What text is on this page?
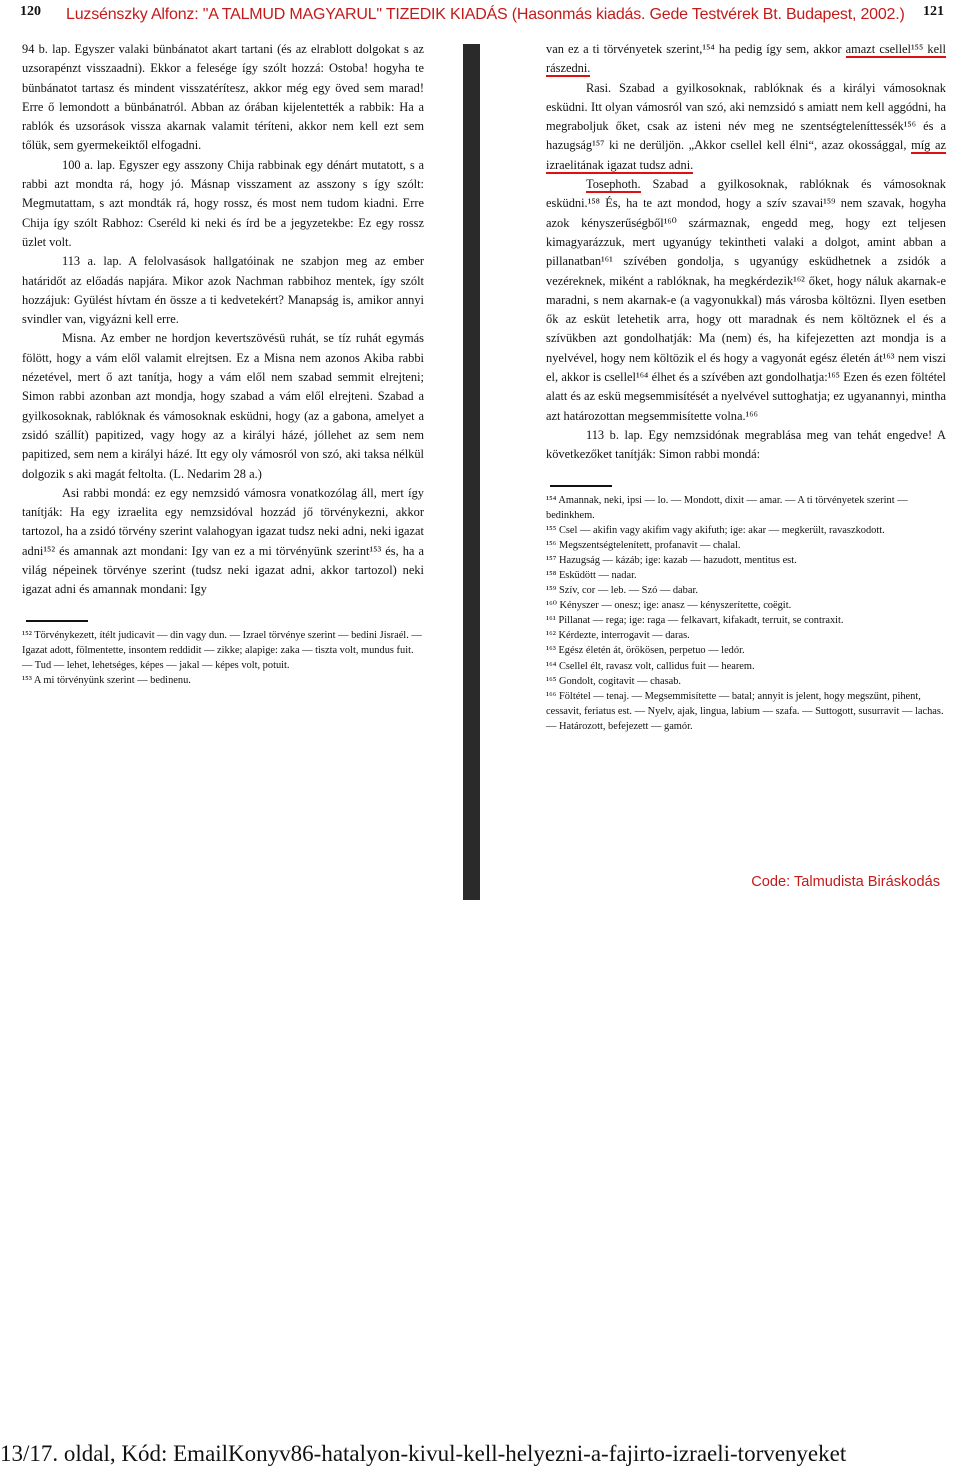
120 Luzsénszky Alfonz: "A TALMUD MAGYARUL" TIZEDIK KIADÁS (Hasonmás kiadás. Gede Testvérek Bt. Budapest, 2002.) 121

94 b. lap. Egyszer valaki bünbánatot akart tartani (és az elrablott dolgokat s az uzsorapénzt visszaadni). Ekkor a felesége így szólt hozzá: Ostoba! hogyha te bünbánatot tartasz és mindent visszatérítesz, akkor még egy öved sem marad! Erre ő lemondott a bünbánatról. Abban az órában kijelentették a rabbik: Ha a rablók és uzsorások vissza akarnak valamit téríteni, akkor nem kell ezt sem tőlük, sem gyermekeiktől elfogadni.

100 a. lap. Egyszer egy asszony Chija rabbinak egy dénárt mutatott, s a rabbi azt mondta rá, hogy jó. Másnap visszament az asszony s így szólt: Megmutattam, s azt mondták rá, hogy rossz, és most nem tudom kiadni. Erre Chija így szólt Rabhoz: Cseréld ki neki és írd be a jegyzetekbe: Ez egy rossz üzlet volt.

113 a. lap. A felolvasások hallgatóinak ne szabjon meg az ember határidőt az előadás napjára. Mikor azok Nachman rabbihoz mentek, így szólt hozzájuk: Gyülést hívtam én össze a ti kedvetekért? Manapság is, amikor annyi svindler van, vigyázni kell erre.

Misna. Az ember ne hordjon kevertszövésü ruhát, se tíz ruhát egymás fölött, hogy a vám elől valamit elrejtsen. Ez a Misna nem azonos Akiba rabbi nézetével, mert ő azt tanítja, hogy a vám elől nem szabad semmit elrejteni; Simon rabbi azonban azt mondja, hogy szabad a vám elől elrejteni. Szabad a gyilkosoknak, rablóknak és vámosoknak esküdni, hogy (az a gabona, amelyet a zsidó szállít) papitized, vagy hogy az a királyi házé, jóllehet az sem nem papitized, sem nem a királyi házé. Itt egy oly vámosról von szó, aki taksa nélkül dolgozik s aki magát feltolta. (L. Nedarim 28 a.)

Asi rabbi mondá: ez egy nemzsidó vámosra vonatkozólag áll, mert így tanítják: Ha egy izraelita egy nemzsidóval hozzád jő törvénykezni, akkor tartozol, ha a zsidó törvény szerint valahogyan igazat tudsz neki adni, neki igazat adni¹⁵² és amannak azt mondani: Igy van ez a mi törvényünk szerint¹⁵³ és, ha a világ népeinek törvénye szerint (tudsz neki igazat adni, akkor tartozol) neki igazat adni és amannak mondani: Igy

¹⁵² Törvénykezett, ítélt judicavit — din vagy dun. — Izrael törvénye szerint — bedini Jisraél. — Igazat adott, fölmentette, insontem reddidit — zikke; alapige: zaka — tiszta volt, mundus fuit. — Tud — lehet, lehetséges, képes — jakal — képes volt, potuit.

¹⁵³ A mi törvényünk szerint — bedinenu.

van ez a ti törvényetek szerint,¹⁵⁴ ha pedig így sem, akkor amazt csellel¹⁵⁵ kell rászedni.

Rasi. Szabad a gyilkosoknak, rablóknak és a királyi vámosoknak esküdni. Itt olyan vámosról van szó, aki nemzsidó s amiatt nem kell aggódni, ha megraboljuk őket, csak az isteni név meg ne szentségteleníttessék¹⁵⁶ és a hazugság¹⁵⁷ ki ne derüljön. „Akkor csellel kell élni“, azaz okossággal, míg az izraelitának igazat tudsz adni.

Tosephoth. Szabad a gyilkosoknak, rablóknak és vámosoknak esküdni.¹⁵⁸ És, ha te azt mondod, hogy a szív szavai¹⁵⁹ nem szavak, hogyha azok kényszerűségből¹⁶⁰ származnak, engedd meg, hogy ezt teljesen kimagyarázzuk, mert ugyanúgy tekintheti valaki a dolgot, amint abban a pillanatban¹⁶¹ szívében gondolja, s ugyanúgy esküdhetnek a zsidók a vezéreknek, miként a rablóknak, ha megkérdezik¹⁶² őket, hogy náluk akarnak-e maradni, s nem akarnak-e (a vagyonukkal) más városba költözni. Ilyen esetben ők az esküt letehetik arra, hogy ott maradnak és nem költöznek el és a szívükben azt gondolhatják: Ma (nem) és, ha kifejezetten azt mondja is a nyelvével, hogy nem költözik el és hogy a vagyonát egész életén át¹⁶³ nem viszi el, akkor is csellel¹⁶⁴ élhet és a szívében azt gondolhatja:¹⁶⁵ Ezen és ezen föltétel alatt és az eskü megsemmisítését a nyelvével suttoghatja; ez ugyanannyi, mintha azt határozottan megsemmisítette volna.¹⁶⁶

113 b. lap. Egy nemzsidónak megrablása meg van tehát engedve! A következőket tanítják: Simon rabbi mondá:

¹⁵⁴ Amannak, neki, ipsi — lo. — Mondott, dixit — amar. — A ti törvényetek szerint — bedinkhem.

¹⁵⁵ Csel — akifin vagy akifim vagy akifuth; ige: akar — megkerült, ravaszkodott.

¹⁵⁶ Megszentségtelenített, profanavit — chalal.

¹⁵⁷ Hazugság — kázáb; ige: kazab — hazudott, mentitus est.

¹⁵⁸ Esküdött — nadar.

¹⁵⁹ Szív, cor — leb. — Szó — dabar.

¹⁶⁰ Kényszer — onesz; ige: anasz — kényszerítette, coëgit.

¹⁶¹ Pillanat — rega; ige: raga — felkavart, kifakadt, terruit, se contraxit.

¹⁶² Kérdezte, interrogavit — daras.

¹⁶³ Egész életén át, örökösen, perpetuo — ledór.

¹⁶⁴ Csellel élt, ravasz volt, callidus fuit — hearem.

¹⁶⁵ Gondolt, cogitavit — chasab.

¹⁶⁶ Föltétel — tenaj. — Megsemmisítette — batal; annyit is jelent, hogy megszűnt, pihent, cessavit, feriatus est. — Nyelv, ajak, lingua, labium — szafa. — Suttogott, susurravit — lachas. — Határozott, befejezett — gamór.

Code: Talmudista Biráskodás
13/17. oldal, Kód: EmailKonyv86-hatalyon-kivul-kell-helyezni-a-fajirto-izraeli-torvenyeket
